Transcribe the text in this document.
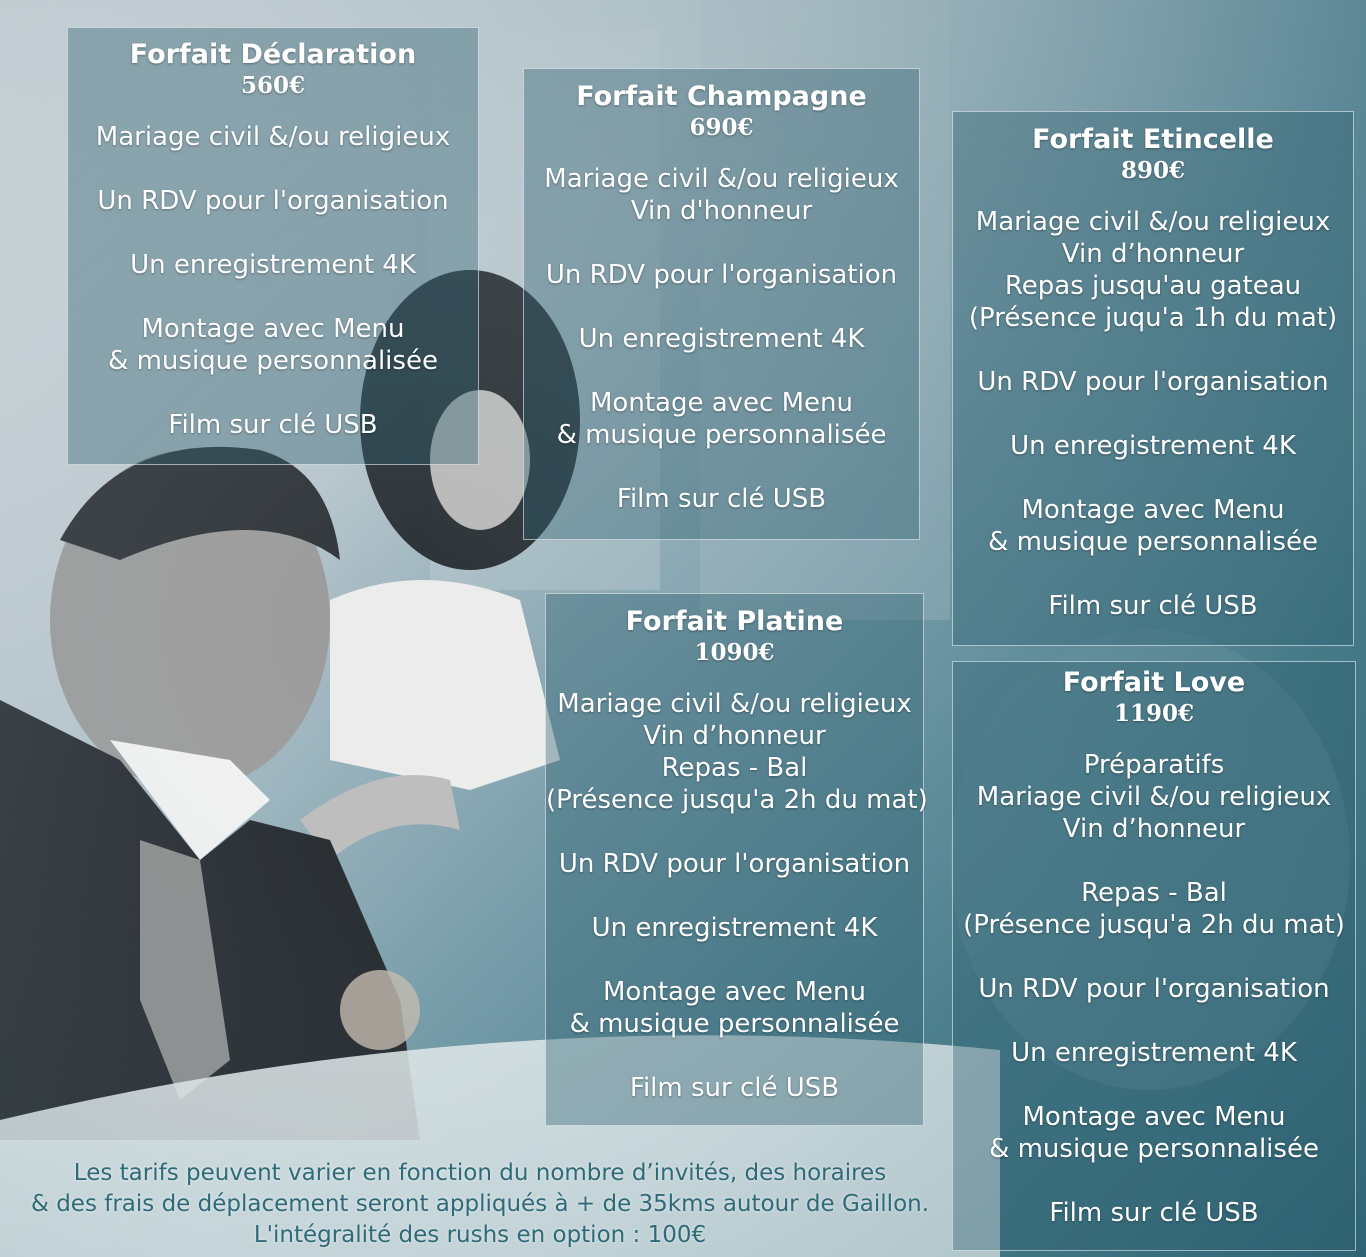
Forfait Déclaration
560€
Mariage civil &/ou religieux
Un RDV pour l'organisation
Un enregistrement 4K
Montage avec Menu
& musique personnalisée
Film sur clé USB
Forfait Champagne
690€
Mariage civil &/ou religieux
Vin d'honneur
Un RDV pour l'organisation
Un enregistrement 4K
Montage avec Menu
& musique personnalisée
Film sur clé USB
Forfait Etincelle
890€
Mariage civil &/ou religieux
Vin d’honneur
Repas jusqu'au gateau
(Présence juqu'a 1h du mat)
Un RDV pour l'organisation
Un enregistrement 4K
Montage avec Menu
& musique personnalisée
Film sur clé USB
Forfait Platine
1090€
Mariage civil &/ou religieux
Vin d’honneur
Repas - Bal
(Présence jusqu'a 2h du mat)
Un RDV pour l'organisation
Un enregistrement 4K
Montage avec Menu
& musique personnalisée
Film sur clé USB
Forfait Love
1190€
Préparatifs
Mariage civil &/ou religieux
Vin d’honneur
Repas - Bal
(Présence jusqu'a 2h du mat)
Un RDV pour l'organisation
Un enregistrement 4K
Montage avec Menu
& musique personnalisée
Film sur clé USB
Les tarifs peuvent varier en fonction du nombre d’invités, des horaires
& des frais de déplacement seront appliqués à + de 35kms autour de Gaillon.
L'intégralité des rushs en option : 100€
